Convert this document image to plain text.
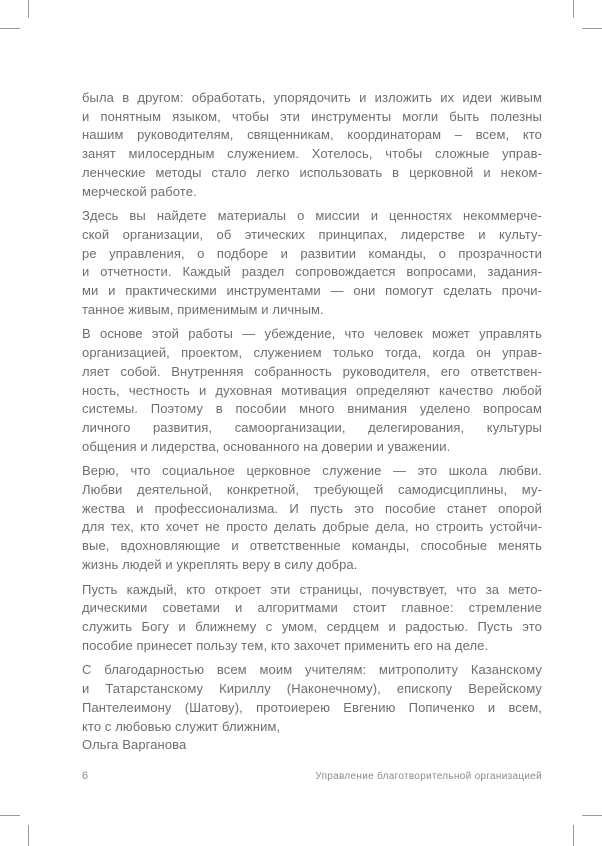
была в другом: обработать, упорядочить и изложить их идеи живым
и понятным языком, чтобы эти инструменты могли быть полезны
нашим руководителям, священникам, координаторам – всем, кто
занят милосердным служением. Хотелось, чтобы сложные управ-
ленческие методы стало легко использовать в церковной и неком-
мерческой работе.
Здесь вы найдете материалы о миссии и ценностях некоммерче-
ской организации, об этических принципах, лидерстве и культу-
ре управления, о подборе и развитии команды, о прозрачности
и отчетности. Каждый раздел сопровождается вопросами, задания-
ми и практическими инструментами — они помогут сделать прочи-
танное живым, применимым и личным.
В основе этой работы — убеждение, что человек может управлять
организацией, проектом, служением только тогда, когда он управ-
ляет собой. Внутренняя собранность руководителя, его ответствен-
ность, честность и духовная мотивация определяют качество любой
системы. Поэтому в пособии много внимания уделено вопросам
личного развития, самоорганизации, делегирования, культуры
общения и лидерства, основанного на доверии и уважении.
Верю, что социальное церковное служение — это школа любви.
Любви деятельной, конкретной, требующей самодисциплины, му-
жества и профессионализма. И пусть это пособие станет опорой
для тех, кто хочет не просто делать добрые дела, но строить устойчи-
вые, вдохновляющие и ответственные команды, способные менять
жизнь людей и укреплять веру в силу добра.
Пусть каждый, кто откроет эти страницы, почувствует, что за мето-
дическими советами и алгоритмами стоит главное: стремление
служить Богу и ближнему с умом, сердцем и радостью. Пусть это
пособие принесет пользу тем, кто захочет применить его на деле.
С благодарностью всем моим учителям: митрополиту Казанскому
и Татарстанскому Кириллу (Наконечному), епископу Верейскому
Пантелеимону (Шатову), протоиерею Евгению Попиченко и всем,
кто с любовью служит ближним,
Ольга Варганова
6	Управление благотворительной организацией
